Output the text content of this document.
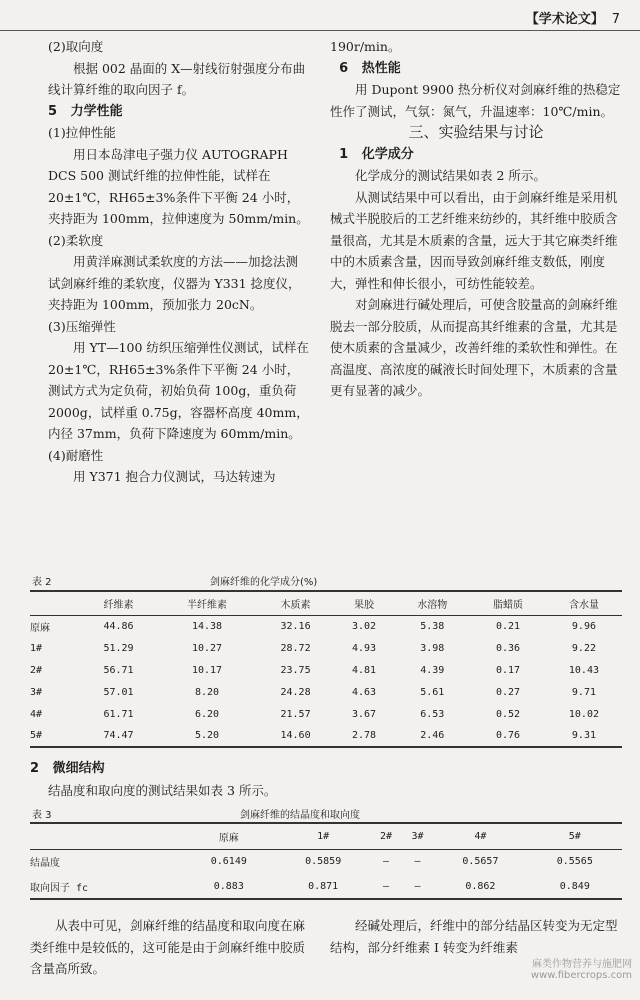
【学术论文】 7

(2)取向度

根据 002 晶面的 X—射线衍射强度分布曲线计算纤维的取向因子 f。

5 力学性能

(1)拉伸性能

用日本岛津电子强力仪 AUTOGRAPH DCS 500 测试纤维的拉伸性能，试样在 20±1℃，RH65±3%条件下平衡 24 小时，夹持距为 100mm，拉伸速度为 50mm/min。

(2)柔软度

用黄洋麻测试柔软度的方法——加捻法测试剑麻纤维的柔软度，仪器为 Y331 捻度仪，夹持距为 100mm，预加张力 20cN。

(3)压缩弹性

用 YT—100 纺织压缩弹性仪测试，试样在 20±1℃，RH65±3%条件下平衡 24 小时，测试方式为定负荷，初始负荷 100g，重负荷 2000g，试样重 0.75g，容器杯高度 40mm，内径 37mm，负荷下降速度为 60mm/min。

(4)耐磨性

用 Y371 抱合力仪测试，马达转速为

190r/min。

6 热性能

用 Dupont 9900 热分析仪对剑麻纤维的热稳定性作了测试，气氛：氮气，升温速率：10℃/min。

三、实验结果与讨论

1 化学成分

化学成分的测试结果如表 2 所示。

从测试结果中可以看出，由于剑麻纤维是采用机械式半脱胶后的工艺纤维来纺纱的，其纤维中胶质含量很高，尤其是木质素的含量，远大于其它麻类纤维中的木质素含量，因而导致剑麻纤维支数低，刚度大，弹性和伸长很小，可纺性能较差。

对剑麻进行碱处理后，可使含胶量高的剑麻纤维脱去一部分胶质，从而提高其纤维素的含量，尤其是使木质素的含量减少，改善纤维的柔软性和弹性。在高温度、高浓度的碱液长时间处理下，木质素的含量更有显著的减少。

表 2	剑麻纤维的化学成分(%)
	纤维素	半纤维素	木质素	果胶	水溶物	脂蜡质	含水量
原麻	44.86	14.38	32.16	3.02	5.38	0.21	9.96
1#	51.29	10.27	28.72	4.93	3.98	0.36	9.22
2#	56.71	10.17	23.75	4.81	4.39	0.17	10.43
3#	57.01	8.20	24.28	4.63	5.61	0.27	9.71
4#	61.71	6.20	21.57	3.67	6.53	0.52	10.02
5#	74.47	5.20	14.60	2.78	2.46	0.76	9.31

2 微细结构

结晶度和取向度的测试结果如表 3 所示。

表 3	剑麻纤维的结晶度和取向度
	原麻	1#	2#	3#	4#	5#
结晶度	0.6149	0.5859	—	—	0.5657	0.5565
取向因子 fc	0.883	0.871	—	—	0.862	0.849

从表中可见，剑麻纤维的结晶度和取向度在麻类纤维中是较低的，这可能是由于剑麻纤维中胶质含量高所致。

经碱处理后，纤维中的部分结晶区转变为无定型结构，部分纤维素 I 转变为纤维素

麻类作物营养与施肥网
www.fibercrops.com
